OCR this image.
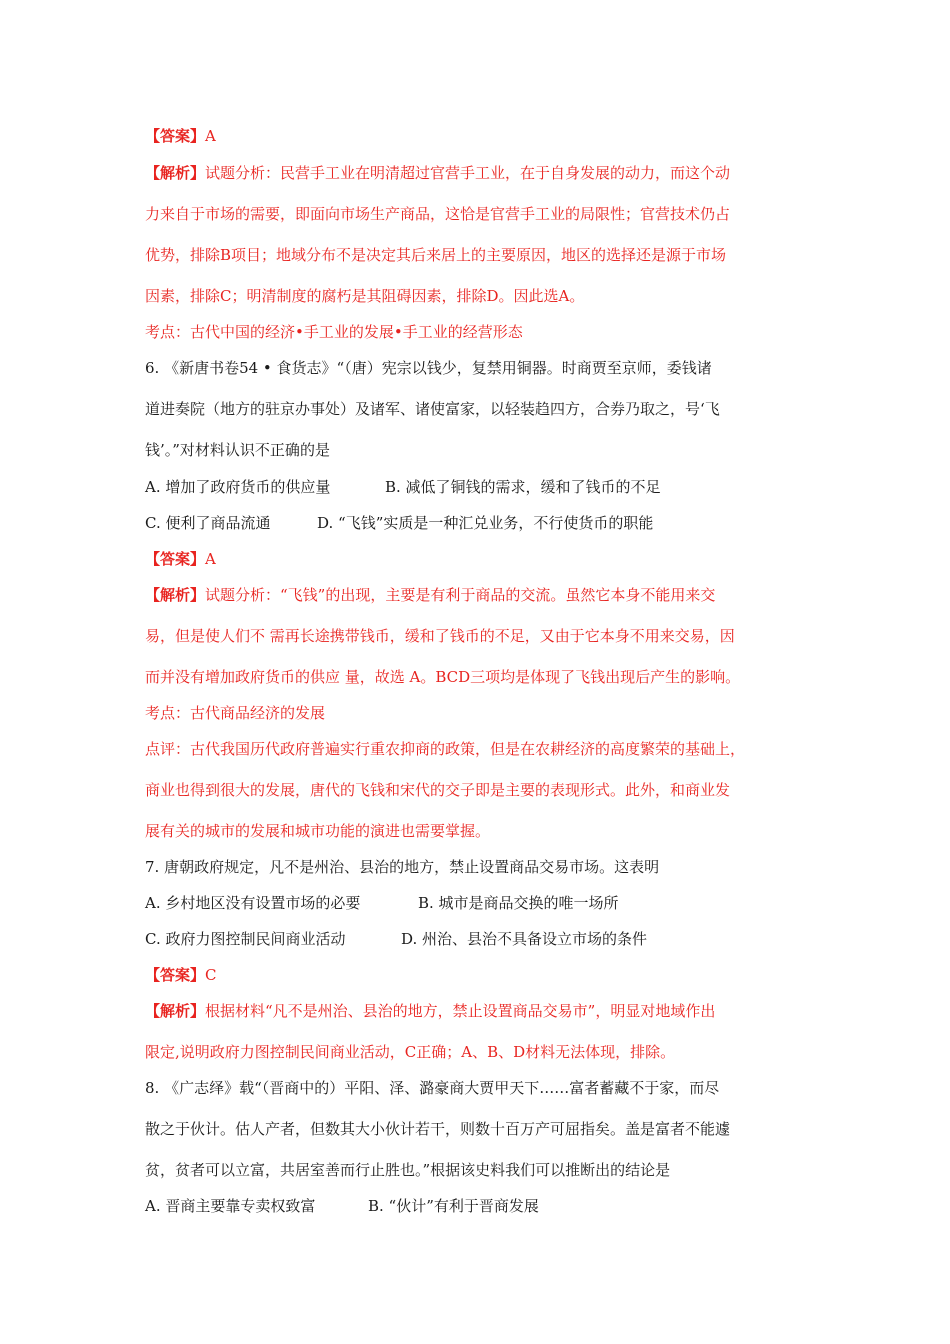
【答案】A
【解析】试题分析：民营手工业在明清超过官营手工业，在于自身发展的动力，而这个动
力来自于市场的需要，即面向市场生产商品，这恰是官营手工业的局限性；官营技术仍占
优势，排除B项目；地域分布不是决定其后来居上的主要原因，地区的选择还是源于市场
因素，排除C；明清制度的腐朽是其阻碍因素，排除D。因此选A。
考点：古代中国的经济•手工业的发展•手工业的经营形态
6. 《新唐书卷54 • 食货志》“（唐）宪宗以钱少，复禁用铜器。时商贾至京师，委钱诸
道进奏院（地方的驻京办事处）及诸军、诸使富家，以轻装趋四方，合券乃取之，号‘飞
钱’。”对材料认识不正确的是
A. 增加了政府货币的供应量	B. 减低了铜钱的需求，缓和了钱币的不足
C. 便利了商品流通	D. “飞钱”实质是一种汇兑业务，不行使货币的职能
【答案】A
【解析】试题分析：“飞钱”的出现，主要是有利于商品的交流。虽然它本身不能用来交
易，但是使人们不 需再长途携带钱币，缓和了钱币的不足，又由于它本身不用来交易，因
而并没有增加政府货币的供应 量，故选 A。BCD三项均是体现了飞钱出现后产生的影响。
考点：古代商品经济的发展
点评：古代我国历代政府普遍实行重农抑商的政策，但是在农耕经济的高度繁荣的基础上，
商业也得到很大的发展，唐代的飞钱和宋代的交子即是主要的表现形式。此外，和商业发
展有关的城市的发展和城市功能的演进也需要掌握。
7. 唐朝政府规定，凡不是州治、县治的地方，禁止设置商品交易市场。这表明
A. 乡村地区没有设置市场的必要	B. 城市是商品交换的唯一场所
C. 政府力图控制民间商业活动	D. 州治、县治不具备设立市场的条件
【答案】C
【解析】根据材料“凡不是州治、县治的地方，禁止设置商品交易市”，明显对地域作出
限定,说明政府力图控制民间商业活动，C正确；A、B、D材料无法体现，排除。
8. 《广志绎》载“（晋商中的）平阳、泽、潞豪商大贾甲天下……富者蓄藏不于家，而尽
散之于伙计。估人产者，但数其大小伙计若干，则数十百万产可屈指矣。盖是富者不能遽
贫，贫者可以立富，共居室善而行止胜也。”根据该史料我们可以推断出的结论是
A. 晋商主要靠专卖权致富	B. “伙计”有利于晋商发展
